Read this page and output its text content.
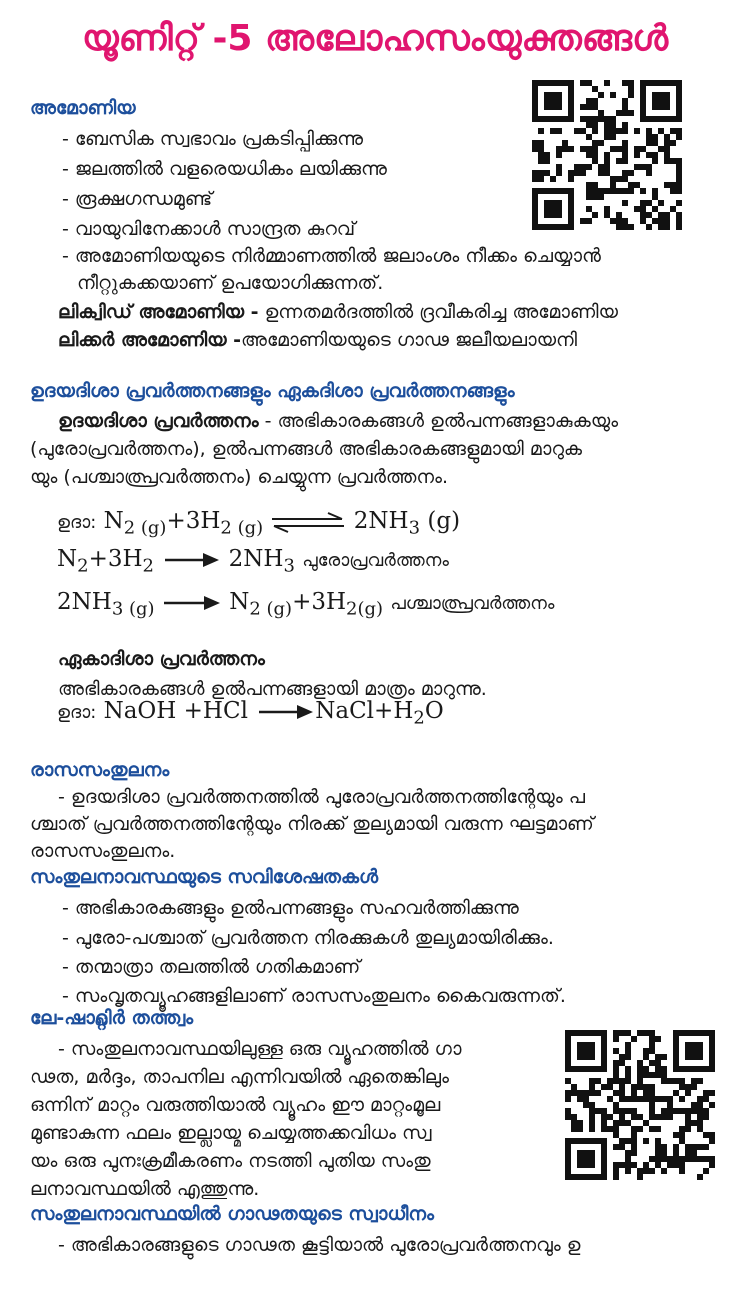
യൂണിറ്റ് -5 അലോഹസംയുക്തങ്ങൾ
അമോണിയ
- ബേസിക സ്വഭാവം പ്രകടിപ്പിക്കുന്നു
- ജലത്തിൽ വളരെയധികം ലയിക്കുന്നു
- രൂക്ഷഗന്ധമുണ്ട്
- വായുവിനേക്കാൾ സാന്ദ്രത കുറവ്
- അമോണിയയുടെ നിർമ്മാണത്തിൽ ജലാംശം നീക്കം ചെയ്യാൻ
നീറ്റുകക്കയാണ് ഉപയോഗിക്കുന്നത്.
ലിക്വിഡ് അമോണിയ - ഉന്നതമർദത്തിൽ ദ്രവീകരിച്ച അമോണിയ
ലിക്കർ അമോണിയ -അമോണിയയുടെ ഗാഢ ജലീയലായനി
ഉദയദിശാ പ്രവർത്തനങ്ങളും ഏകദിശാ പ്രവർത്തനങ്ങളും
ഉദയദിശാ പ്രവർത്തനം - അഭികാരകങ്ങൾ ഉൽപന്നങ്ങളാകുകയും
(പുരോപ്രവർത്തനം), ഉൽപന്നങ്ങൾ അഭികാരകങ്ങളുമായി മാറുക
യും (പശ്ചാത്പ്രവർത്തനം) ചെയ്യുന്ന പ്രവർത്തനം.
ഉദാ: $N_{2 (g)}+3H_{2 (g)}$ ⇌ $2NH_3$ (g)
$N_2+3H_2$	$2NH_3$ പുരോപ്രവർത്തനം
$2NH_{3 (g)}$	$N_{2 (g)}+3H_{2(g)}$ പശ്ചാത്പ്രവർത്തനം
ഏകാദിശാ പ്രവർത്തനം
അഭികാരകങ്ങൾ ഉൽപന്നങ്ങളായി മാത്രം മാറുന്നു.
ഉദാ: NaOH +HCl	$NaCl+H_2O$
രാസസംതുലനം
- ഉദയദിശാ പ്രവർത്തനത്തിൽ പുരോപ്രവർത്തനത്തിന്റേയും പ
ശ്ചാത് പ്രവർത്തനത്തിന്റേയും നിരക്ക് തുല്യമായി വരുന്ന ഘട്ടമാണ്
രാസസംതുലനം.
സംതുലനാവസ്ഥയുടെ സവിശേഷതകൾ
- അഭികാരകങ്ങളും ഉൽപന്നങ്ങളും സഹവർത്തിക്കുന്നു
- പുരോ-പശ്ചാത് പ്രവർത്തന നിരക്കുകൾ തുല്യമായിരിക്കും.
- തന്മാത്രാ തലത്തിൽ ഗതികമാണ്
- സംവൃതവ്യൂഹങ്ങളിലാണ് രാസസംതുലനം കൈവരുന്നത്.
ലേ-ഷാറ്റ്ലിർ തത്ത്വം
- സംതുലനാവസ്ഥയിലുള്ള ഒരു വ്യൂഹത്തിൽ ഗാ
ഢത, മർദ്ദം, താപനില എന്നിവയിൽ ഏതെങ്കിലും
ഒന്നിന് മാറ്റം വരുത്തിയാൽ വ്യൂഹം ഈ മാറ്റംമൂല
മുണ്ടാകുന്ന ഫലം ഇല്ലായ്മ ചെയ്യത്തക്കവിധം സ്വ
യം ഒരു പുനഃക്രമീകരണം നടത്തി പുതിയ സംതു
ലനാവസ്ഥയിൽ എത്തുന്നു.
സംതുലനാവസ്ഥയിൽ ഗാഢതയുടെ സ്വാധീനം
- അഭികാരങ്ങളുടെ ഗാഢത കൂട്ടിയാൽ പുരോപ്രവർത്തനവും ഉ
